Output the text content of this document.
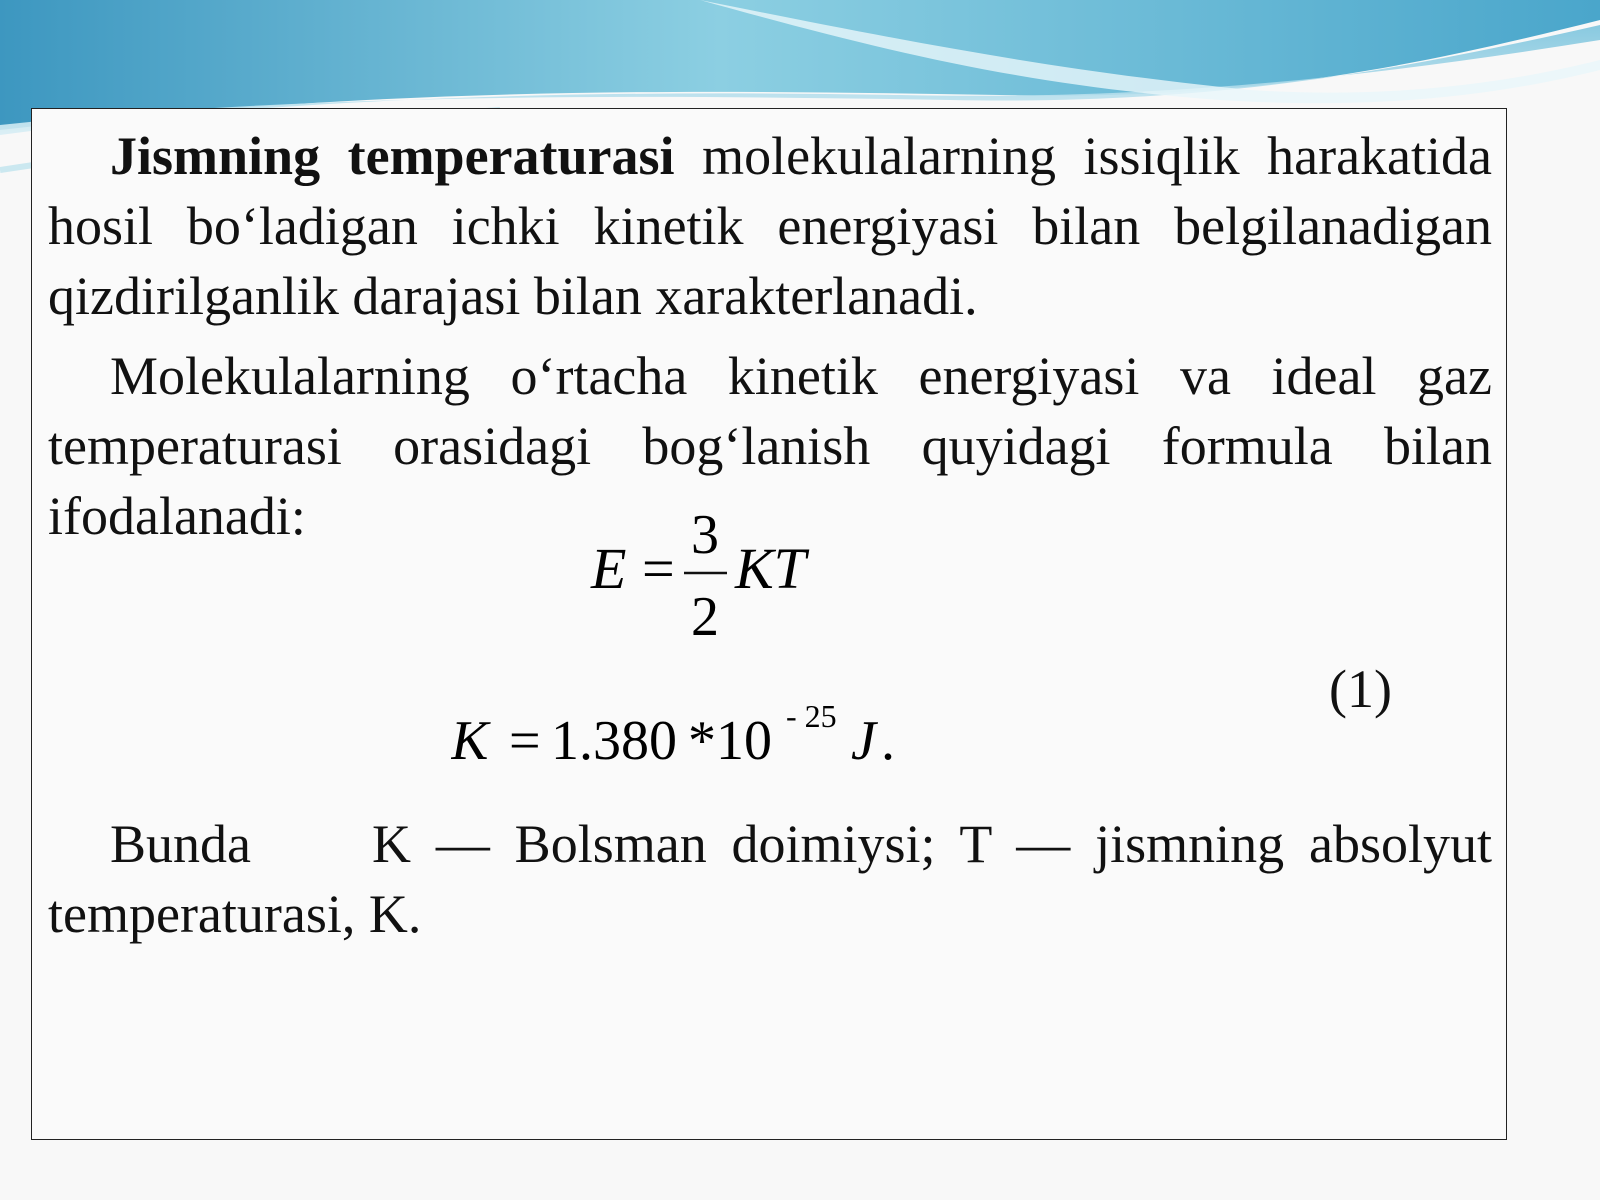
Jismning temperaturasi molekulalarning issiqlik harakatida hosil bo‘ladigan ichki kinetik energiyasi bilan belgilanadigan qizdirilganlik darajasi bilan xarakterlanadi.

Molekulalarning o‘rtacha kinetik energiyasi va ideal gaz temperaturasi orasidagi bog‘lanish quyidagi formula bilan ifodalanadi:

E =
3
2
KT
(1)
K = 1.380 *10 - 25 J .

Bunda K — Bolsman doimiysi; T — jismning absolyut temperaturasi, K.
